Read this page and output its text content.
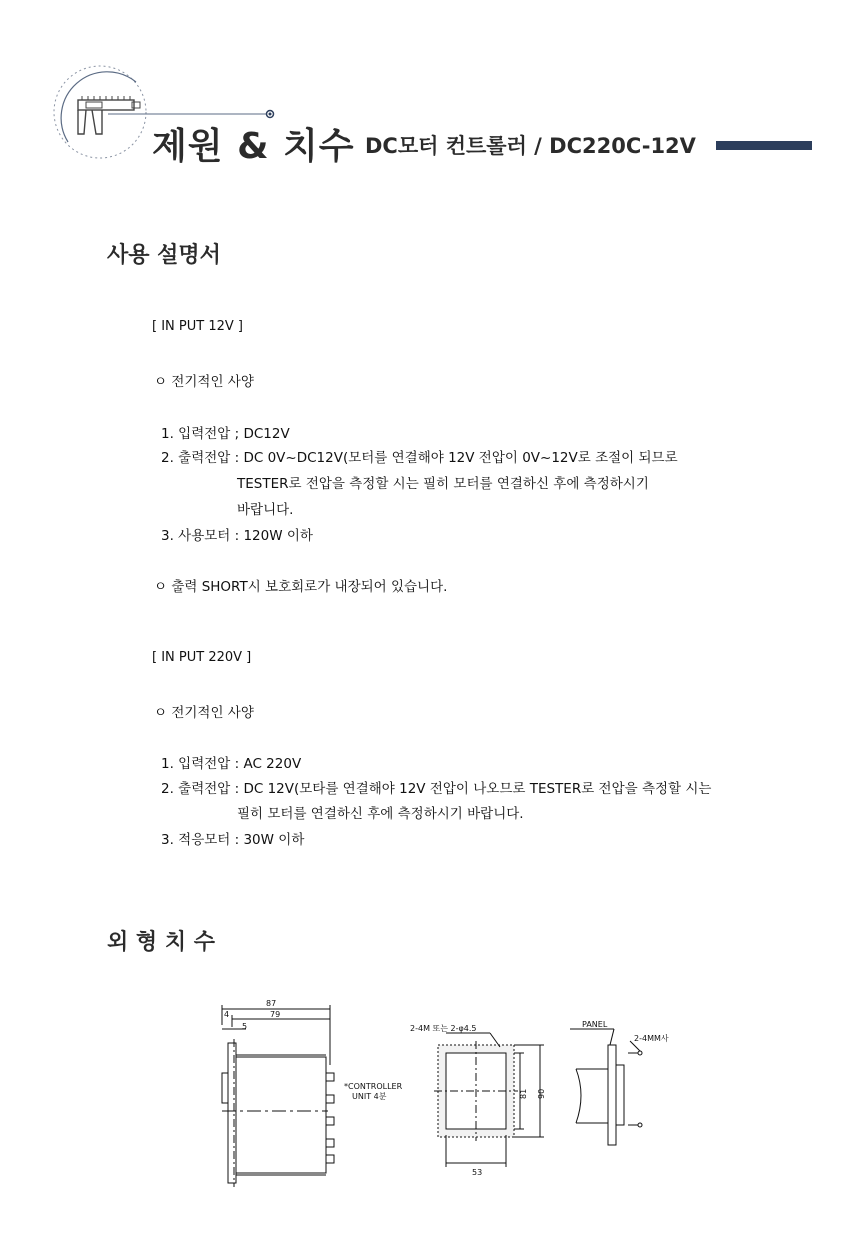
제원 & 치수 DC모터 컨트롤러 / DC220C-12V
사용 설명서
[ IN PUT 12V ]
ㅇ 전기적인 사양
1. 입력전압 ; DC12V
2. 출력전압 : DC 0V~DC12V(모터를 연결해야 12V 전압이 0V~12V로 조절이 되므로
TESTER로 전압을 측정할 시는 필히 모터를 연결하신 후에 측정하시기
바랍니다.
3. 사용모터 : 120W 이하
ㅇ 출력 SHORT시 보호회로가 내장되어 있습니다.
[ IN PUT 220V ]
ㅇ 전기적인 사양
1. 입력전압 : AC 220V
2. 출력전압 : DC 12V(모타를 연결해야 12V 전압이 나오므로 TESTER로 전압을 측정할 시는
필히 모터를 연결하신 후에 측정하시기 바랍니다.
3. 적응모터 : 30W 이하
외 형 치 수
87
79
4
5
*CONTROLLER
UNIT 4분
2-4M 또는 2-φ4.5
81 90
53
PANEL
2-4MM사
